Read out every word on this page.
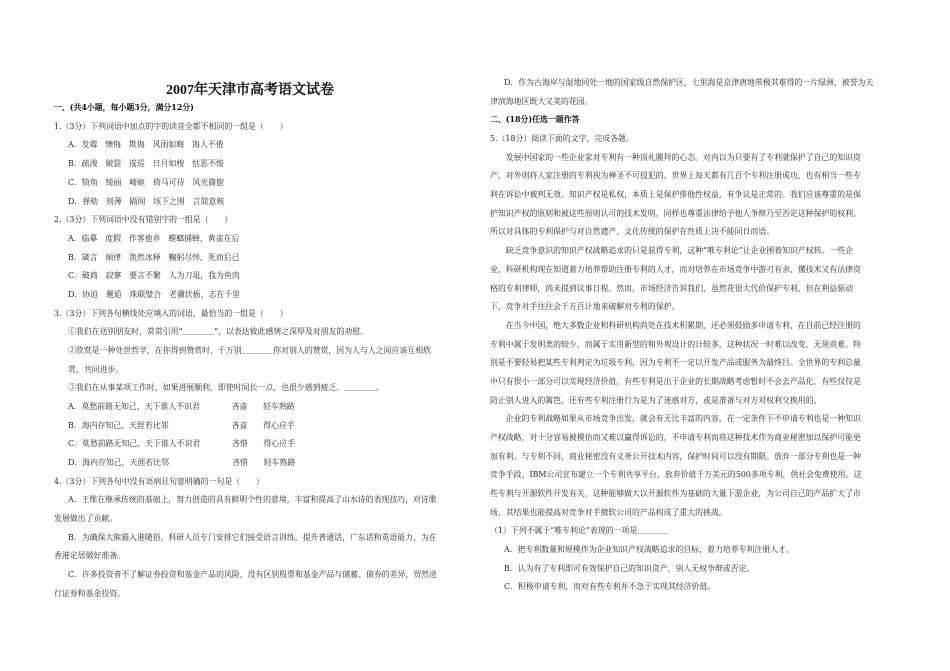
2007年天津市高考语文试卷
一、(共4小题，每小题3分，满分12分)
1.（3分）下列词语中加点的字的读音全都不相同的一组是（　　）
A．发霉　懊悔　欺侮　风雨如晦　海人不倦
B．疏浚　皴裂　逡巡　日月如梭　怙恶不悛
C．犄角　绮丽　崎岖　倚马可待　风光旖旎
D．弹劾　刻薄　隔阂　垓下之围　言简意赅
2.（3分）下列词语中没有错别字的一组是（　　）
A．临摹　度假　作客他乡　螳螂捕蝉，黄雀在后
B．箴言　倾律　涣然冰释　鞠躬尽悴，死而后已
C．破商　寂寥　要言不繁　人为刀俎，我为鱼肉
D．协迫　邂逅　珠联璧合　老骥伏枥，志在千里
3.（3分）下列各句横线处应填入的词语，最恰当的一组是（　　）
①我们在送别朋友时，常常引用“＿＿＿＿”，以表达彼此感情之深厚及对朋友的劝慰。
②欣赏是一种处世哲学，在你得到赞赏时，千万别＿＿＿＿你对别人的赞赏，因为人与人之间应该互相欣
赏，共同进步。
③我们在从事某项工作时，如果进展顺利，即使时间长一点，也很少感到疲乏。＿＿＿＿。
A．莫愁前路无知己，天下谁人不识君　　　　吝啬　　轻车熟路
B．海内存知己，天涯若比邻　　　　　　　　吝啬　　得心应手
C．莫愁前路无知己，天下谁人不识君　　　　吝惜　　得心应手
D．海内存知己，天涯若比邻　　　　　　　　吝惜　　轻车熟路
4.（3分）下列各句中没有语病且句意明确的一句是（　　）
A．王维在继承传统的基础上，努力创造的具有鲜明个性的意境，丰富和提高了山水诗的表现技巧，对诗歌
发展做出了贡献。
B．为确保大熊猫入港随俗，科研人员专门安排它们接受语言训练，提升普通话，广东话和英语能力，为在
香港定居做好准备。
C．许多投资者不了解证券投资和基金产品的风险，没有区别股票和基金产品与储蓄、债券的差异，贸然进
行证券和基金投资。
D．作为古海岸与湿地同处一地的国家级自然保护区，七里海是京津唐地带极其难得的一片绿洲，被誉为天
津滨海地区既大又美的花园。
二、(18分)任选一题作答
5.（18分）阅读下面的文字，完成各题。
　　发展中国家的一些企业家对专利有一种顶礼膜拜的心态。对内以为只要有了专利就保护了自己的知识资
产，对外则将人家注册的专利视为禅圣不可侵犯的。世界上每天都有几百个专利注册成功，也有相当一些专
利在诉讼中被判无效。知识产权是私权，本质上是保护排他性权益，有争议是正常的。我们应该尊重的是保
护知识产权的原则和被这些原则认可的技术发明，同样也尊重法律给予他人争辩乃至否定这种保护的权利。
所以对具体的专利保护与对自然遗产、文化传统的保护在性质上决不能同日而语。
　　缺乏竞争意识的知识产权战略追求的只是获得专利，这种“唯专利论”让企业围着知识产权转。一些企
业，科研机构现在知道着力培养帮助注册专利的人才，而对培养在市场竞争中游刃有余、懂技术又有法律资
格的专利律师，尚未提到议事日程。然而，市场经济告诉我们，虽然花很大代价保护专利，但在利益驱动
下，竞争对手往往会千方百计地来破解对专利的保护。
　　在当今中国，绝大多数企业和科研机构尚处在技术积累期，还必须鼓励多申请专利，在目前已经注册的
专利中属于发明类的较少，而属于实用新型的和外观设计的计较多，这种状况一时难以改变，无须责难。特
别是不要轻易把某些专利判定为垃圾专利，因为专利不一定以开发产品或服务为最终目。全世界的专利总量
中只有很小一部分可以实现经济价值，有些专利是出于企业的长期战略考虑暂时不会去产品化，有些仅仅是
防止别人进入的篱笆，还有些专利注册行为是为了迷惑对方，或是准备与对方对权利交换用的。
　　企业的专利战略如果从市场竞争出发，就会有无比丰富的内容，在一定条件下不申请专利也是一种知识
产权战略，对十分容易被模仿而又难以赢得诉讼的，不申请专利而将这种技术作为商业秘密加以保护可能更
加有利。与专利不同，商业秘密没有义务公开技术内容，保护时间可以没有期限。放弃一部分专利也是一种
竞争手段，IBM公司宣布建立一个专利共享平台，放弃价值千万美元的500多项专利，供社会免费使用。这
些专利与开源软件开发有关，这种能够做大以开源软件为基础的大量下游企业，为公司自己的产品扩大了市
场，其结果也能提高对竞争对手微软公司的产品构成了重大的挑战。
（1）下列不属于“唯专利论”表现的一项是＿＿＿＿
A．把专利数量和规模作为企业知识产权战略追求的目标，着力培养专利注册人才。
B．认为有了专利即可有效保护自己的知识资产，别人无权争辩或否定。
C．积极申请专利，而对有些专利并不急于实现其经济价值。
